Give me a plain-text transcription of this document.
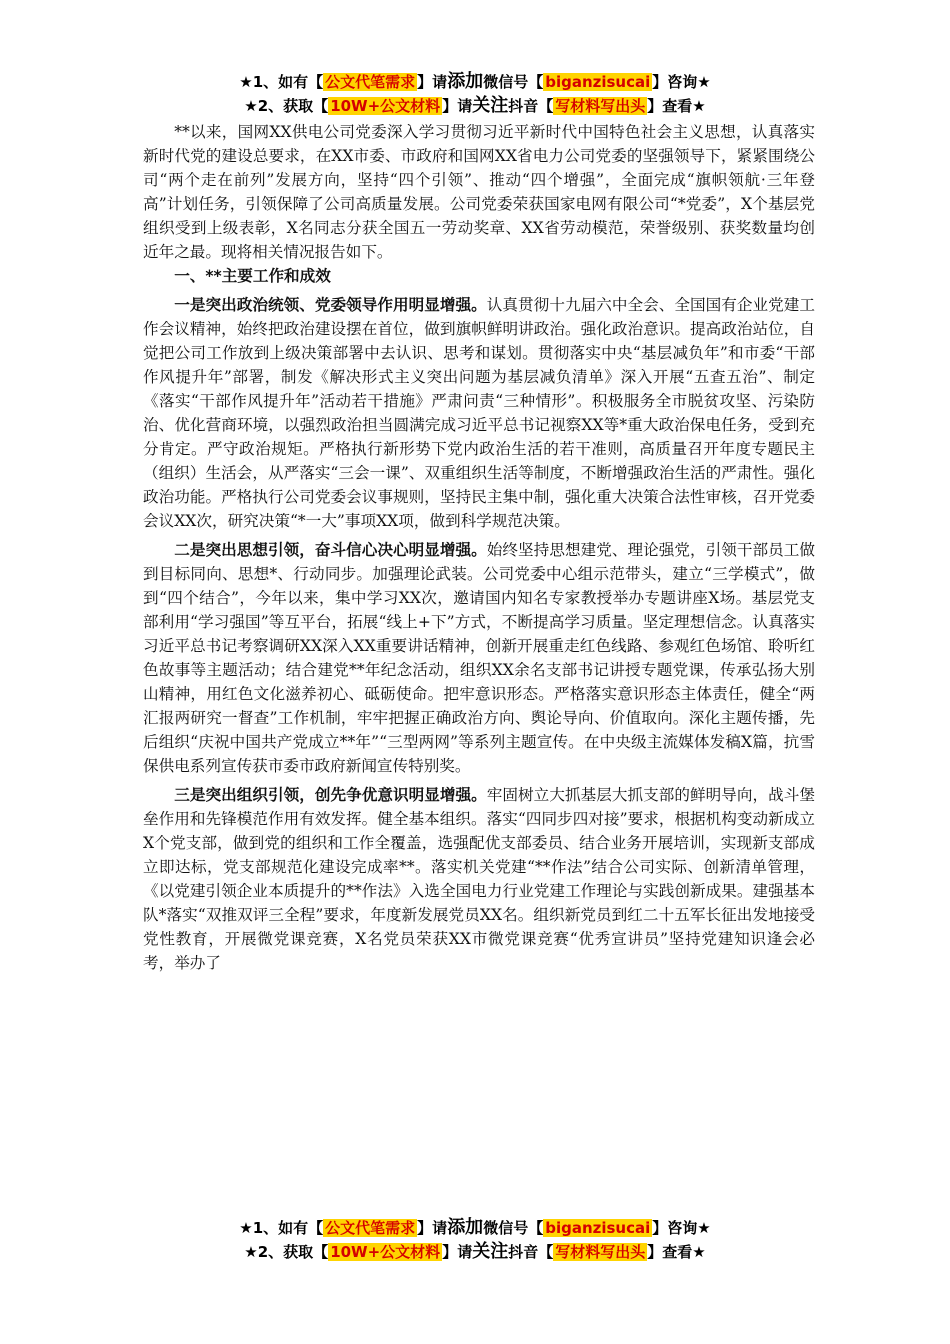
★1、如有【 公文代笔需求 】请添加微信号【 biganzisucai 】咨询★
★2、获取【 10W+公文材料 】请关注抖音【 写材料写出头 】查看★

**以来，国网XX供电公司党委深入学习贯彻习近平新时代中国特色社会主义思想，认真落实新时代党的建设总要求，在XX市委、市政府和国网XX省电力公司党委的坚强领导下，紧紧围绕公司“两个走在前列”发展方向，坚持“四个引领”、推动“四个增强”，全面完成“旗帜领航·三年登高”计划任务，引领保障了公司高质量发展。公司党委荣获国家电网有限公司“*党委”，X个基层党组织受到上级表彰，X名同志分获全国五一劳动奖章、XX省劳动模范，荣誉级别、获奖数量均创近年之最。现将相关情况报告如下。

一、**主要工作和成效

一是突出政治统领、党委领导作用明显增强。认真贯彻十九届六中全会、全国国有企业党建工作会议精神，始终把政治建设摆在首位，做到旗帜鲜明讲政治。强化政治意识。提高政治站位，自觉把公司工作放到上级决策部署中去认识、思考和谋划。贯彻落实中央“基层减负年”和市委“干部作风提升年”部署，制发《解决形式主义突出问题为基层减负清单》深入开展“五查五治”、制定《落实“干部作风提升年”活动若干措施》严肃问责“三种情形”。积极服务全市脱贫攻坚、污染防治、优化营商环境，以强烈政治担当圆满完成习近平总书记视察XX等*重大政治保电任务，受到充分肯定。严守政治规矩。严格执行新形势下党内政治生活的若干准则，高质量召开年度专题民主（组织）生活会，从严落实“三会一课”、双重组织生活等制度，不断增强政治生活的严肃性。强化政治功能。严格执行公司党委会议事规则，坚持民主集中制，强化重大决策合法性审核，召开党委会议XX次，研究决策“*一大”事项XX项，做到科学规范决策。

二是突出思想引领，奋斗信心决心明显增强。始终坚持思想建党、理论强党，引领干部员工做到目标同向、思想*、行动同步。加强理论武装。公司党委中心组示范带头，建立“三学模式”，做到“四个结合”，今年以来，集中学习XX次，邀请国内知名专家教授举办专题讲座X场。基层党支部利用“学习强国”等互平台，拓展“线上+下”方式，不断提高学习质量。坚定理想信念。认真落实习近平总书记考察调研XX深入XX重要讲话精神，创新开展重走红色线路、参观红色场馆、聆听红色故事等主题活动；结合建党**年纪念活动，组织XX余名支部书记讲授专题党课，传承弘扬大别山精神，用红色文化滋养初心、砥砺使命。把牢意识形态。严格落实意识形态主体责任，健全“两汇报两研究一督查”工作机制，牢牢把握正确政治方向、舆论导向、价值取向。深化主题传播，先后组织“庆祝中国共产党成立**年”“三型两网”等系列主题宣传。在中央级主流媒体发稿X篇，抗雪保供电系列宣传获市委市政府新闻宣传特别奖。

三是突出组织引领，创先争优意识明显增强。牢固树立大抓基层大抓支部的鲜明导向，战斗堡垒作用和先锋模范作用有效发挥。健全基本组织。落实“四同步四对接”要求，根据机构变动新成立X个党支部，做到党的组织和工作全覆盖，选强配优支部委员、结合业务开展培训，实现新支部成立即达标，党支部规范化建设完成率**。落实机关党建“**作法”结合公司实际、创新清单管理，《以党建引领企业本质提升的**作法》入选全国电力行业党建工作理论与实践创新成果。建强基本队*落实“双推双评三全程”要求，年度新发展党员XX名。组织新党员到红二十五军长征出发地接受党性教育，开展微党课竞赛，X名党员荣获XX市微党课竞赛“优秀宣讲员”坚持党建知识逢会必考，举办了

★1、如有【 公文代笔需求 】请添加微信号【 biganzisucai 】咨询★
★2、获取【 10W+公文材料 】请关注抖音【 写材料写出头 】查看★
